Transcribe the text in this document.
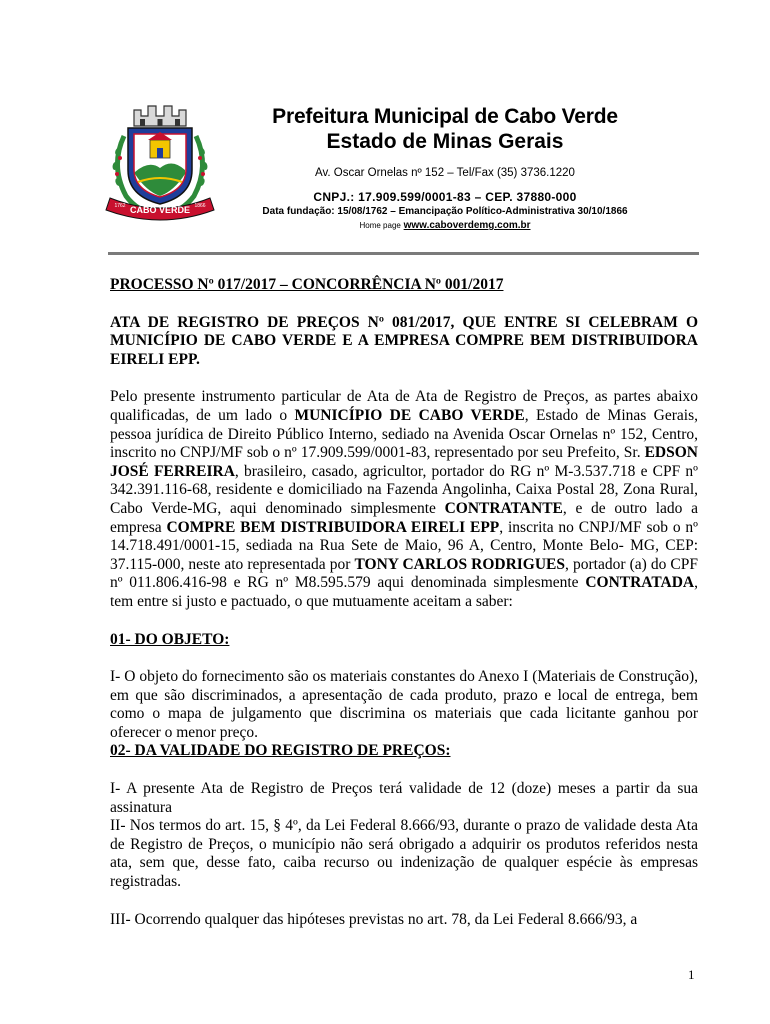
CABO VERDE
1762	1866
Prefeitura Municipal de Cabo Verde
Estado de Minas Gerais
Av. Oscar Ornelas nº 152 – Tel/Fax (35) 3736.1220
CNPJ.: 17.909.599/0001-83 – CEP. 37880-000
Data fundação: 15/08/1762 – Emancipação Político-Administrativa 30/10/1866
Home page www.caboverdemg.com.br

PROCESSO Nº 017/2017 – CONCORRÊNCIA Nº 001/2017

ATA DE REGISTRO DE PREÇOS Nº 081/2017, QUE ENTRE SI CELEBRAM O MUNICÍPIO DE CABO VERDE E A EMPRESA COMPRE BEM DISTRIBUIDORA EIRELI EPP.

Pelo presente instrumento particular de Ata de Ata de Registro de Preços, as partes abaixo qualificadas, de um lado o MUNICÍPIO DE CABO VERDE, Estado de Minas Gerais, pessoa jurídica de Direito Público Interno, sediado na Avenida Oscar Ornelas nº 152, Centro, inscrito no CNPJ/MF sob o nº 17.909.599/0001-83, representado por seu Prefeito, Sr. EDSON JOSÉ FERREIRA, brasileiro, casado, agricultor, portador do RG nº M-3.537.718 e CPF nº 342.391.116-68, residente e domiciliado na Fazenda Angolinha, Caixa Postal 28, Zona Rural, Cabo Verde-MG, aqui denominado simplesmente CONTRATANTE, e de outro lado a empresa COMPRE BEM DISTRIBUIDORA EIRELI EPP, inscrita no CNPJ/MF sob o nº 14.718.491/0001-15, sediada na Rua Sete de Maio, 96 A, Centro, Monte Belo- MG, CEP: 37.115-000, neste ato representada por TONY CARLOS RODRIGUES, portador (a) do CPF nº 011.806.416-98 e RG nº M8.595.579 aqui denominada simplesmente CONTRATADA, tem entre si justo e pactuado, o que mutuamente aceitam a saber:

01- DO OBJETO:

I- O objeto do fornecimento são os materiais constantes do Anexo I (Materiais de Construção), em que são discriminados, a apresentação de cada produto, prazo e local de entrega, bem como o mapa de julgamento que discrimina os materiais que cada licitante ganhou por oferecer o menor preço.

02- DA VALIDADE DO REGISTRO DE PREÇOS:

I- A presente Ata de Registro de Preços terá validade de 12 (doze) meses a partir da sua assinatura

II- Nos termos do art. 15, § 4º, da Lei Federal 8.666/93, durante o prazo de validade desta Ata de Registro de Preços, o município não será obrigado a adquirir os produtos referidos nesta ata, sem que, desse fato, caiba recurso ou indenização de qualquer espécie às empresas registradas.

III- Ocorrendo qualquer das hipóteses previstas no art. 78, da Lei Federal 8.666/93, a

1
